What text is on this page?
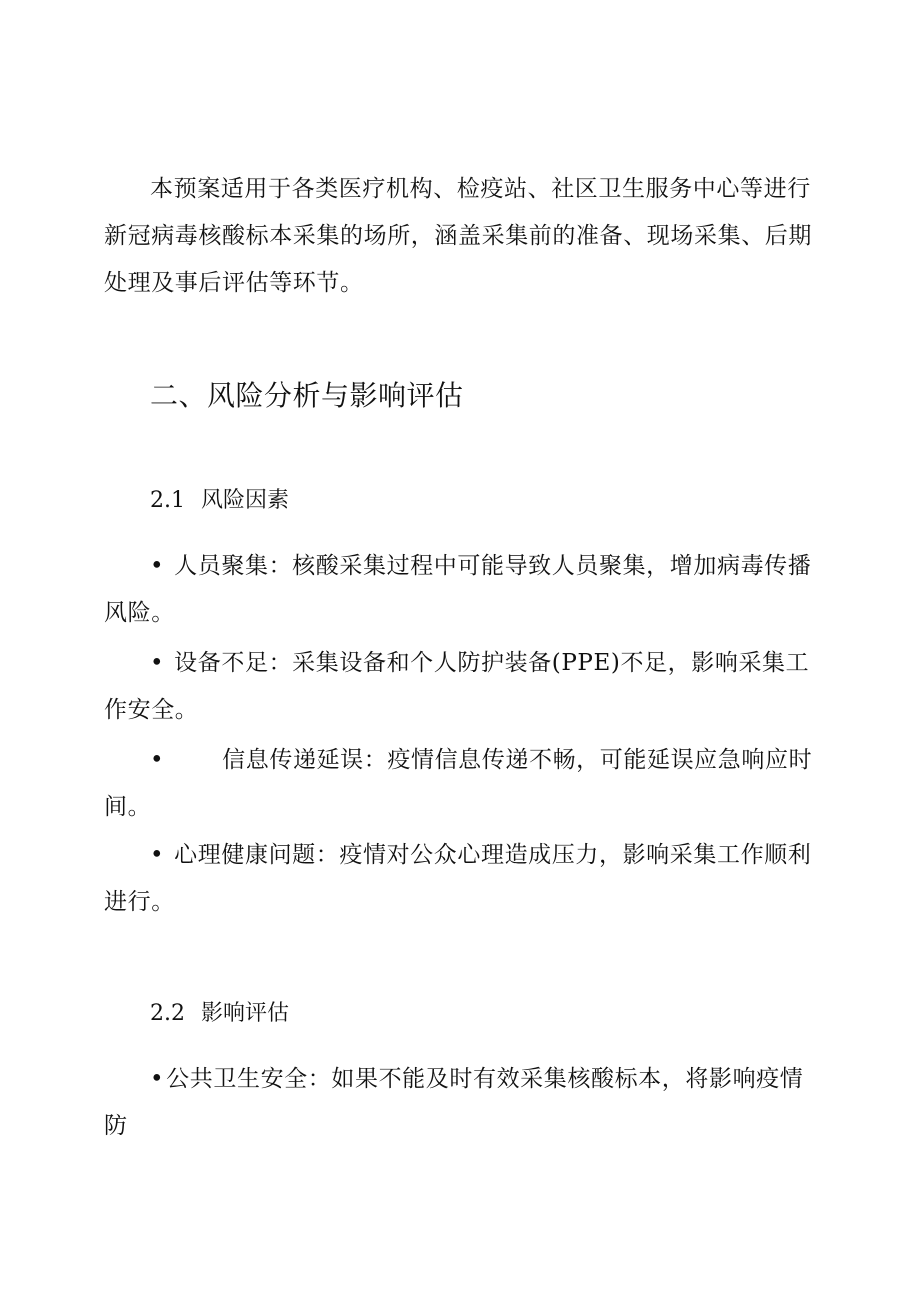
本预案适用于各类医疗机构、检疫站、社区卫生服务中心等进行新冠病毒核酸标本采集的场所，涵盖采集前的准备、现场采集、后期处理及事后评估等环节。

二、风险分析与影响评估

2.1 风险因素

• 人员聚集：核酸采集过程中可能导致人员聚集，增加病毒传播风险。

• 设备不足：采集设备和个人防护装备(PPE)不足，影响采集工作安全。

•	信息传递延误：疫情信息传递不畅，可能延误应急响应时间。

• 心理健康问题：疫情对公众心理造成压力，影响采集工作顺利进行。

2.2 影响评估

•公共卫生安全：如果不能及时有效采集核酸标本，将影响疫情防
